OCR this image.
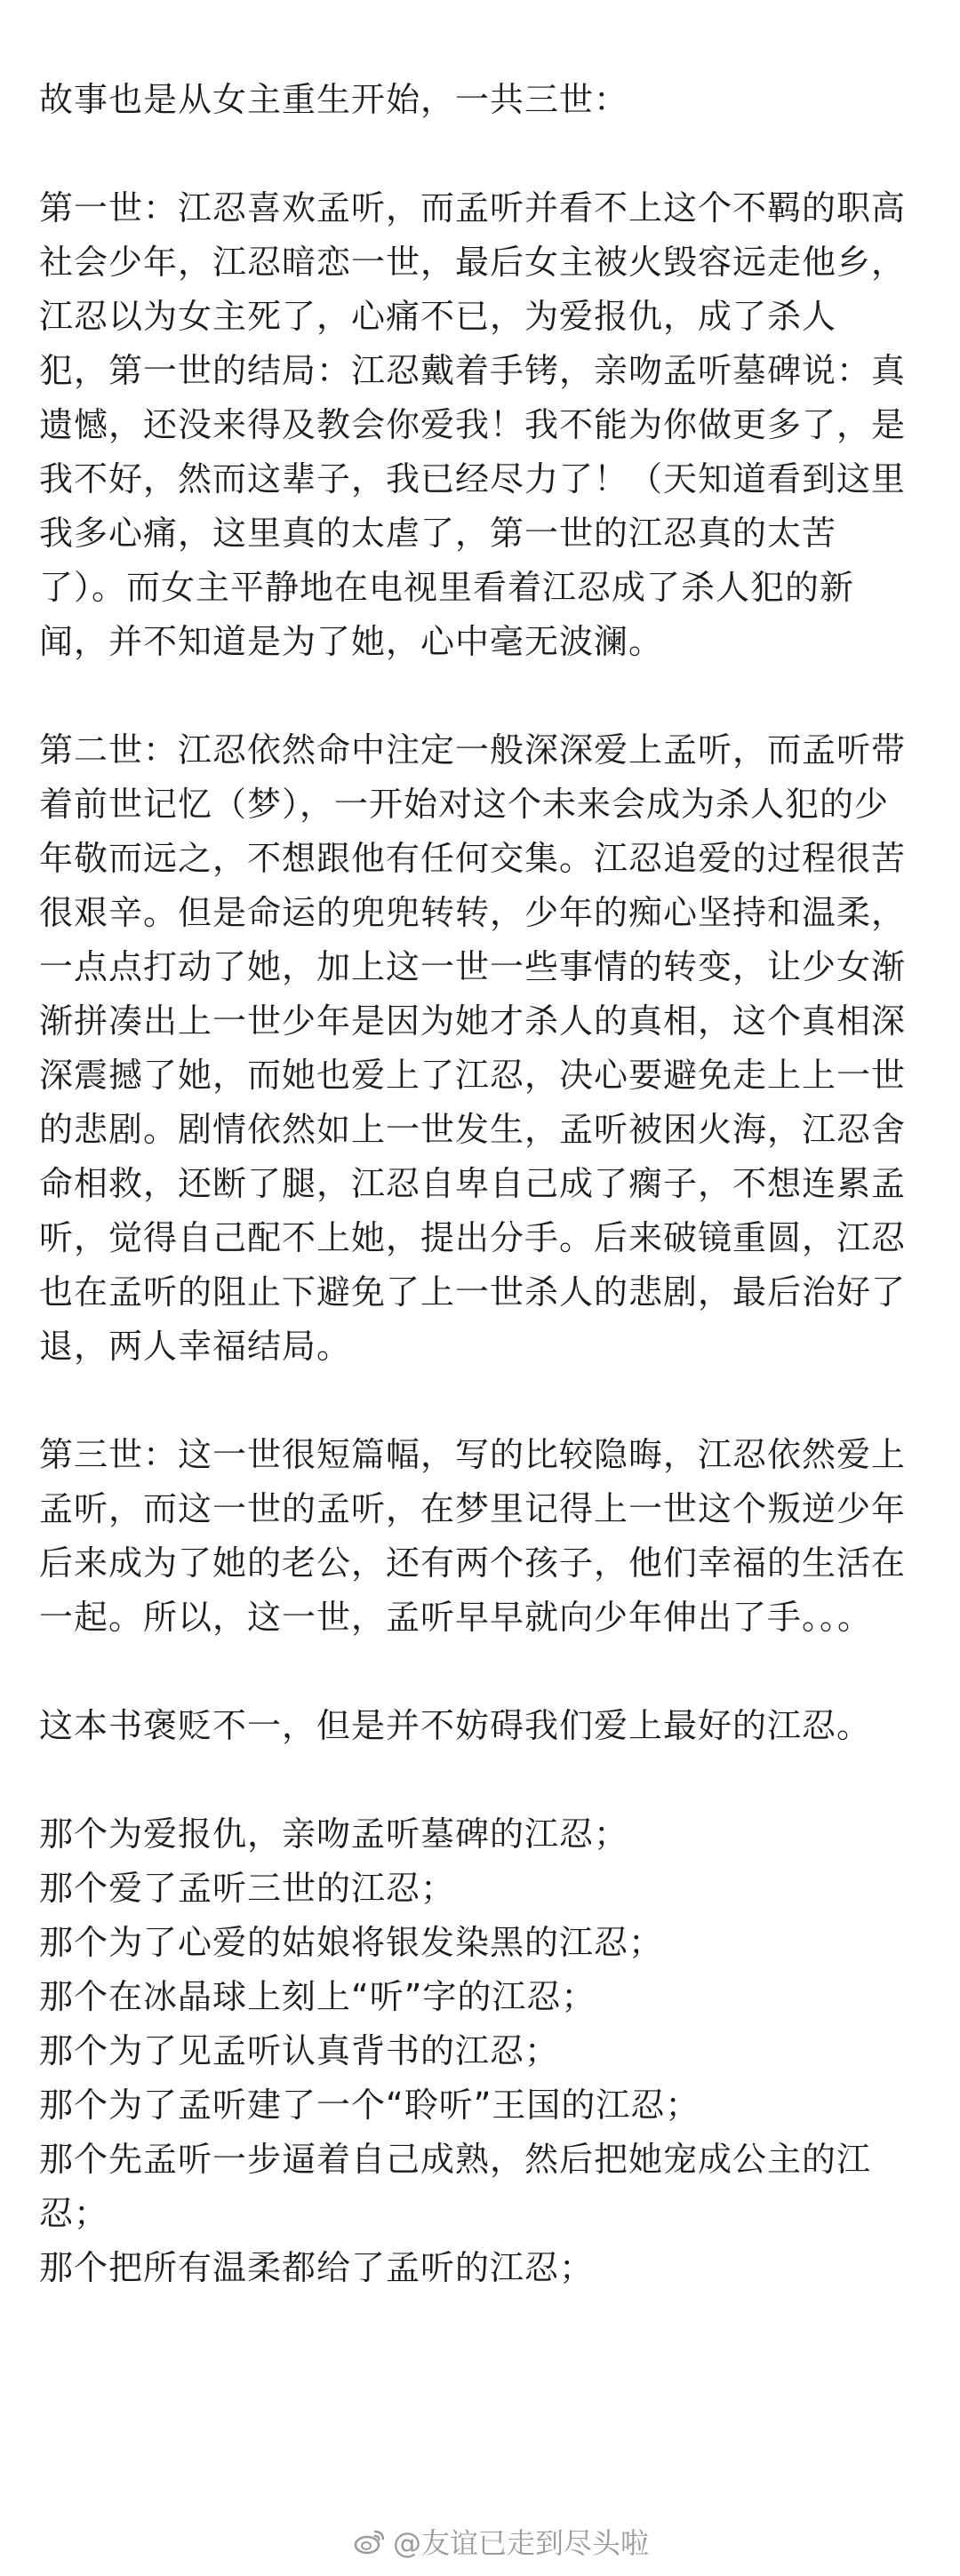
故事也是从女主重生开始，一共三世：

第一世：江忍喜欢孟听，而孟听并看不上这个不羁的职高社会少年，江忍暗恋一世，最后女主被火毁容远走他乡，江忍以为女主死了，心痛不已，为爱报仇，成了杀人 犯，第一世的结局：江忍戴着手铐，亲吻孟听墓碑说：真遗憾，还没来得及教会你爱我！我不能为你做更多了，是我不好，然而这辈子，我已经尽力了！（天知道看到这里我多心痛，这里真的太虐了，第一世的江忍真的太苦了）。而女主平静地在电视里看着江忍成了杀人犯的新闻，并不知道是为了她，心中毫无波澜。

第二世：江忍依然命中注定一般深深爱上孟听，而孟听带着前世记忆（梦），一开始对这个未来会成为杀人犯的少年敬而远之，不想跟他有任何交集。江忍追爱的过程很苦很艰辛。但是命运的兜兜转转，少年的痴心坚持和温柔，一点点打动了她，加上这一世一些事情的转变，让少女渐渐拼凑出上一世少年是因为她才杀人的真相，这个真相深深震撼了她，而她也爱上了江忍，决心要避免走上上一世的悲剧。剧情依然如上一世发生，孟听被困火海，江忍舍命相救，还断了腿，江忍自卑自己成了瘸子，不想连累孟听，觉得自己配不上她，提出分手。后来破镜重圆，江忍也在孟听的阻止下避免了上一世杀人的悲剧，最后治好了退，两人幸福结局。

第三世：这一世很短篇幅，写的比较隐晦，江忍依然爱上孟听，而这一世的孟听，在梦里记得上一世这个叛逆少年后来成为了她的老公，还有两个孩子，他们幸福的生活在一起。所以，这一世，孟听早早就向少年伸出了手。。。

这本书褒贬不一，但是并不妨碍我们爱上最好的江忍。

那个为爱报仇，亲吻孟听墓碑的江忍；

那个爱了孟听三世的江忍；

那个为了心爱的姑娘将银发染黑的江忍；

那个在冰晶球上刻上“听”字的江忍；

那个为了见孟听认真背书的江忍；

那个为了孟听建了一个“聆听”王国的江忍；

那个先孟听一步逼着自己成熟，然后把她宠成公主的江忍；

那个把所有温柔都给了孟听的江忍；

@友谊已走到尽头啦
